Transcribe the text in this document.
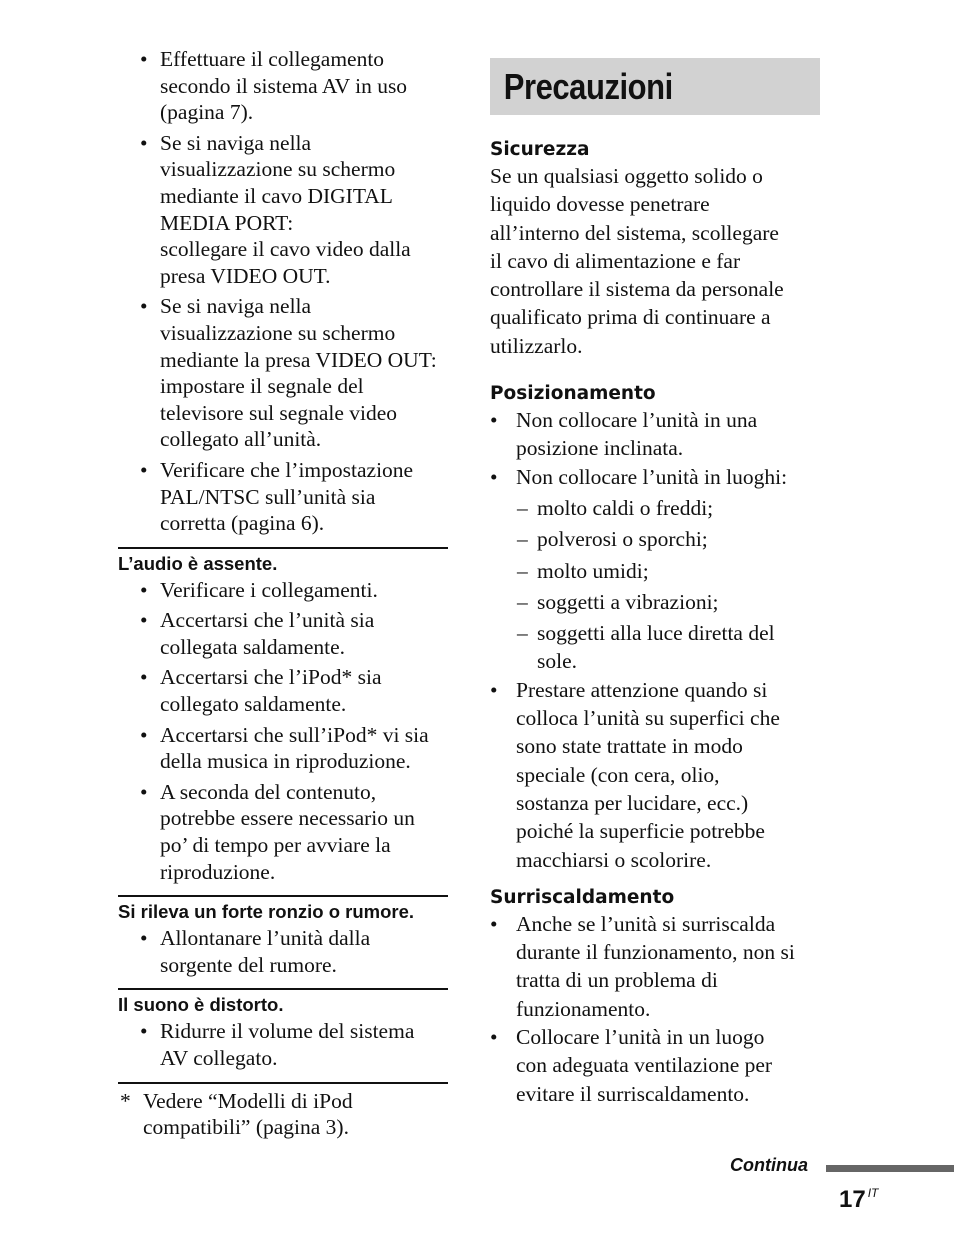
• Effettuare il collegamento
secondo il sistema AV in uso
(pagina 7).
• Se si naviga nella
visualizzazione su schermo
mediante il cavo DIGITAL
MEDIA PORT:
scollegare il cavo video dalla
presa VIDEO OUT.
• Se si naviga nella
visualizzazione su schermo
mediante la presa VIDEO OUT:
impostare il segnale del
televisore sul segnale video
collegato all’unità.
• Verificare che l’impostazione
PAL/NTSC sull’unità sia
corretta (pagina 6).
L’audio è assente.
• Verificare i collegamenti.
• Accertarsi che l’unità sia
collegata saldamente.
• Accertarsi che l’iPod* sia
collegato saldamente.
• Accertarsi che sull’iPod* vi sia
della musica in riproduzione.
• A seconda del contenuto,
potrebbe essere necessario un
po’ di tempo per avviare la
riproduzione.
Si rileva un forte ronzio o rumore.
• Allontanare l’unità dalla
sorgente del rumore.
Il suono è distorto.
• Ridurre il volume del sistema
AV collegato.
* Vedere “Modelli di iPod
compatibili” (pagina 3).
Precauzioni
Sicurezza
Se un qualsiasi oggetto solido o
liquido dovesse penetrare
all’interno del sistema, scollegare
il cavo di alimentazione e far
controllare il sistema da personale
qualificato prima di continuare a
utilizzarlo.
Posizionamento
• Non collocare l’unità in una
posizione inclinata.
• Non collocare l’unità in luoghi:
– molto caldi o freddi;
– polverosi o sporchi;
– molto umidi;
– soggetti a vibrazioni;
– soggetti alla luce diretta del
sole.
• Prestare attenzione quando si
colloca l’unità su superfici che
sono state trattate in modo
speciale (con cera, olio,
sostanza per lucidare, ecc.)
poiché la superficie potrebbe
macchiarsi o scolorire.
Surriscaldamento
• Anche se l’unità si surriscalda
durante il funzionamento, non si
tratta di un problema di
funzionamento.
• Collocare l’unità in un luogo
con adeguata ventilazione per
evitare il surriscaldamento.
Continua
17 $^{IT}$
